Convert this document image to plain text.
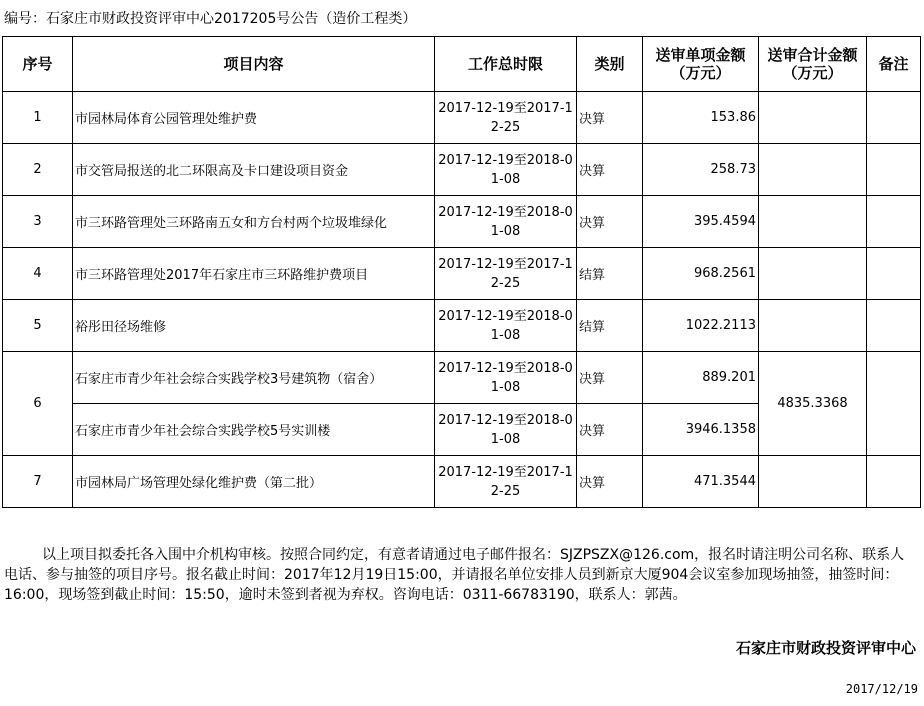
编号：石家庄市财政投资评审中心2017205号公告（造价工程类）
序号	项目内容	工作总时限	类别	送审单项金额（万元）	送审合计金额（万元）	备注
1	市园林局体育公园管理处维护费	2017-12-19至2017-12-25	决算	153.86		
2	市交管局报送的北二环限高及卡口建设项目资金	2017-12-19至2018-01-08	决算	258.73		
3	市三环路管理处三环路南五女和方台村两个垃圾堆绿化	2017-12-19至2018-01-08	决算	395.4594		
4	市三环路管理处2017年石家庄市三环路维护费项目	2017-12-19至2017-12-25	结算	968.2561		
5	裕彤田径场维修	2017-12-19至2018-01-08	结算	1022.2113		
6	石家庄市青少年社会综合实践学校3号建筑物（宿舍）	2017-12-19至2018-01-08	决算	889.201	4835.3368	
	石家庄市青少年社会综合实践学校5号实训楼	2017-12-19至2018-01-08	决算	3946.1358		
7	市园林局广场管理处绿化维护费（第二批）	2017-12-19至2017-12-25	决算	471.3544		

以上项目拟委托各入围中介机构审核。按照合同约定，有意者请通过电子邮件报名：SJZPSZX@126.com，报名时请注明公司名称、联系人电话、参与抽签的项目序号。报名截止时间：2017年12月19日15:00，并请报名单位安排人员到新京大厦904会议室参加现场抽签，抽签时间：16:00，现场签到截止时间：15:50，逾时未签到者视为弃权。咨询电话：0311-66783190，联系人：郭茜。

石家庄市财政投资评审中心
2017/12/19
